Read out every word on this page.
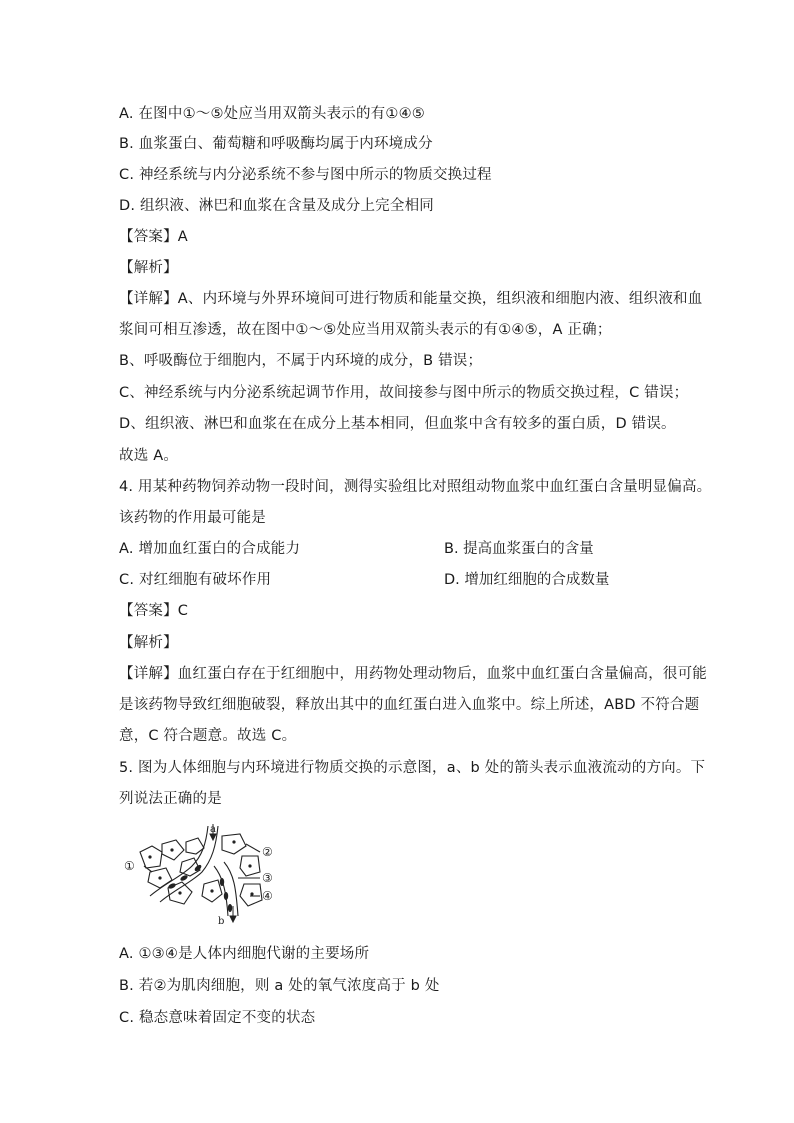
A. 在图中①～⑤处应当用双箭头表示的有①④⑤
B. 血浆蛋白、葡萄糖和呼吸酶均属于内环境成分
C. 神经系统与内分泌系统不参与图中所示的物质交换过程
D. 组织液、淋巴和血浆在含量及成分上完全相同
【答案】A
【解析】
【详解】A、内环境与外界环境间可进行物质和能量交换，组织液和细胞内液、组织液和血
浆间可相互渗透，故在图中①～⑤处应当用双箭头表示的有①④⑤，A 正确；
B、呼吸酶位于细胞内，不属于内环境的成分，B 错误；
C、神经系统与内分泌系统起调节作用，故间接参与图中所示的物质交换过程，C 错误；
D、组织液、淋巴和血浆在在成分上基本相同，但血浆中含有较多的蛋白质，D 错误。
故选 A。
4. 用某种药物饲养动物一段时间，测得实验组比对照组动物血浆中血红蛋白含量明显偏高。
该药物的作用最可能是
A. 增加血红蛋白的合成能力	B. 提高血浆蛋白的含量
C. 对红细胞有破坏作用	D. 增加红细胞的合成数量
【答案】C
【解析】
【详解】血红蛋白存在于红细胞中，用药物处理动物后，血浆中血红蛋白含量偏高，很可能
是该药物导致红细胞破裂，释放出其中的血红蛋白进入血浆中。综上所述，ABD 不符合题
意，C 符合题意。故选 C。
5. 图为人体细胞与内环境进行物质交换的示意图，a、b 处的箭头表示血液流动的方向。下
列说法正确的是
a
b
①
②
③
④
A. ①③④是人体内细胞代谢的主要场所
B. 若②为肌肉细胞，则 a 处的氧气浓度高于 b 处
C. 稳态意味着固定不变的状态
